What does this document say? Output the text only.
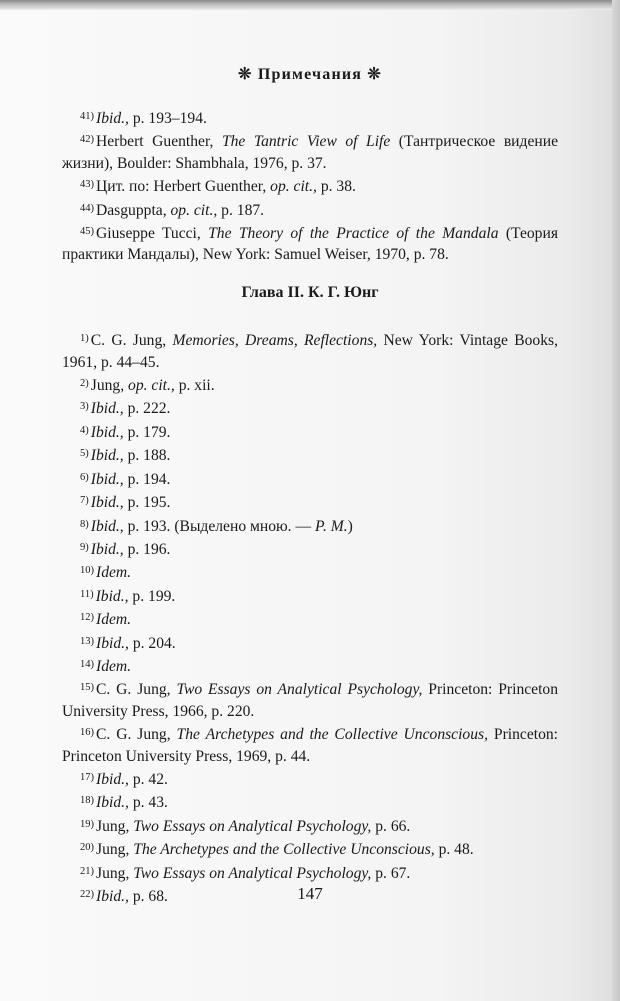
❊ Примечания ❊

$^{41)}$ Ibid., p. 193–194.

$^{42)}$ Herbert Guenther, The Tantric View of Life (Тантрическое видение жизни), Boulder: Shambhala, 1976, p. 37.

$^{43)}$ Цит. по: Herbert Guenther, op. cit., p. 38.

$^{44)}$ Dasguppta, op. cit., p. 187.

$^{45)}$ Giuseppe Tucci, The Theory of the Practice of the Mandala (Теория практики Мандалы), New York: Samuel Weiser, 1970, p. 78.

Глава II. К. Г. Юнг

$^{1)}$ C. G. Jung, Memories, Dreams, Reflections, New York: Vintage Books, 1961, p. 44–45.

$^{2)}$ Jung, op. cit., p. xii.

$^{3)}$ Ibid., p. 222.

$^{4)}$ Ibid., p. 179.

$^{5)}$ Ibid., p. 188.

$^{6)}$ Ibid., p. 194.

$^{7)}$ Ibid., p. 195.

$^{8)}$ Ibid., p. 193. (Выделено мною. — Р. М.)

$^{9)}$ Ibid., p. 196.

$^{10)}$ Idem.

$^{11)}$ Ibid., p. 199.

$^{12)}$ Idem.

$^{13)}$ Ibid., p. 204.

$^{14)}$ Idem.

$^{15)}$ C. G. Jung, Two Essays on Analytical Psychology, Princeton: Princeton University Press, 1966, p. 220.

$^{16)}$ C. G. Jung, The Archetypes and the Collective Unconscious, Princeton: Princeton University Press, 1969, p. 44.

$^{17)}$ Ibid., p. 42.

$^{18)}$ Ibid., p. 43.

$^{19)}$ Jung, Two Essays on Analytical Psychology, p. 66.

$^{20)}$ Jung, The Archetypes and the Collective Unconscious, p. 48.

$^{21)}$ Jung, Two Essays on Analytical Psychology, p. 67.

$^{22)}$ Ibid., p. 68.	147
